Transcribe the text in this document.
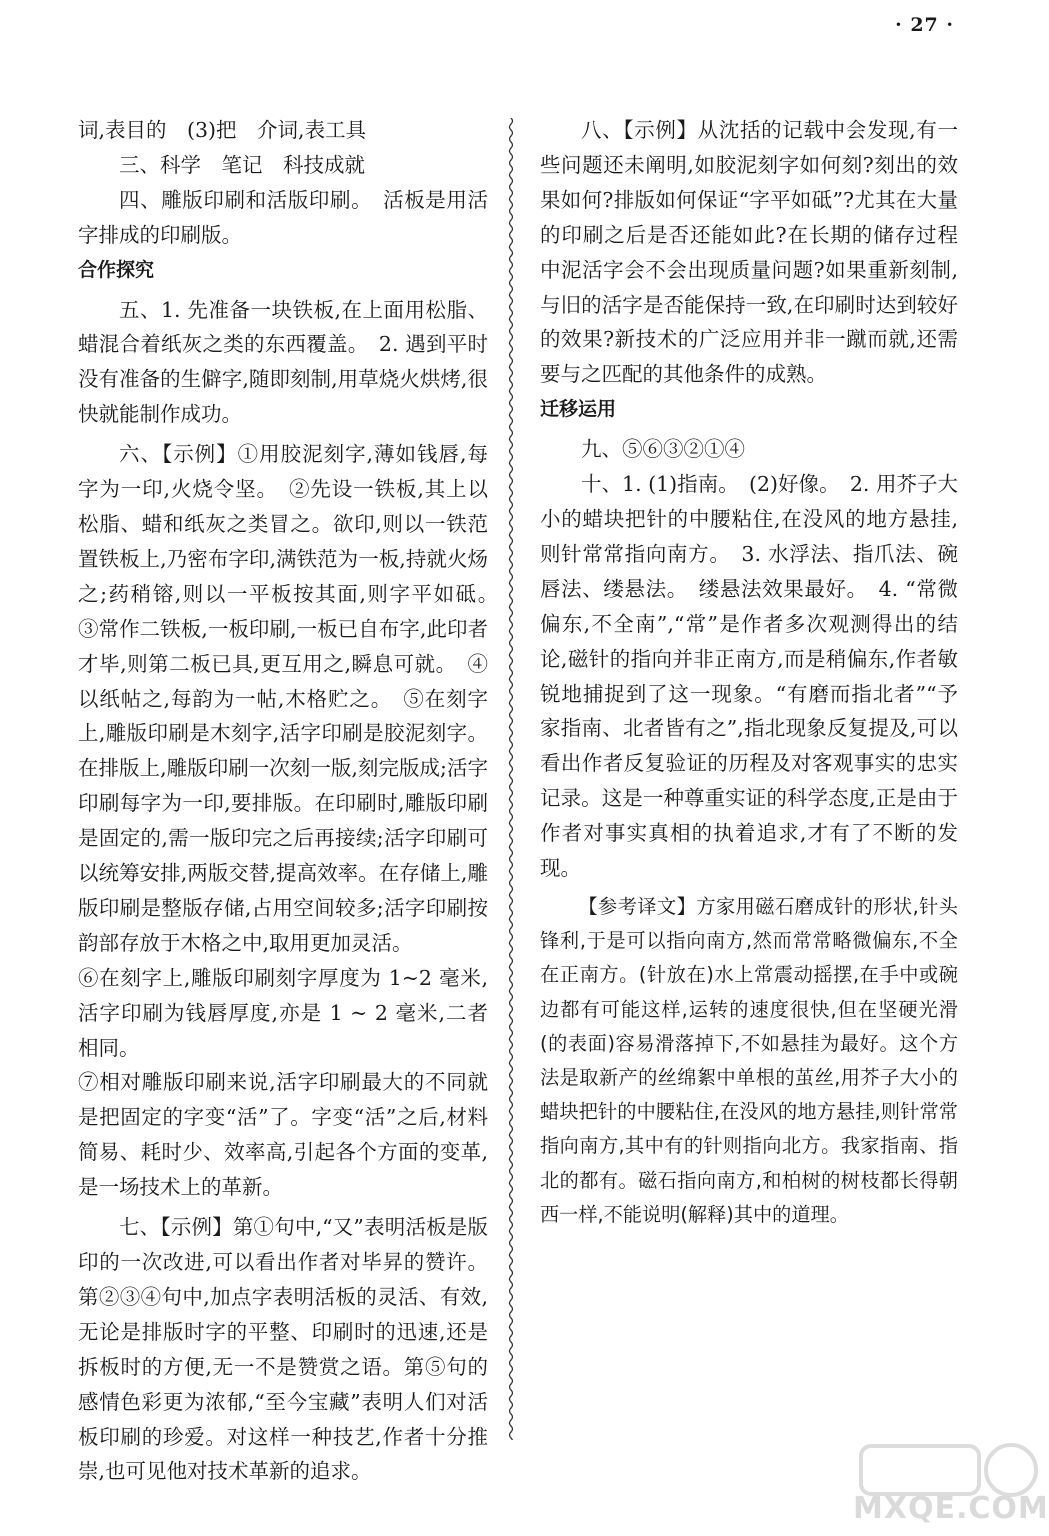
· 27 ·

词,表目的　(3)把　介词,表工具

三、科学　笔记　科技成就

四、雕版印刷和活版印刷。　活板是用活字排成的印刷版。

合作探究

五、1. 先准备一块铁板,在上面用松脂、蜡混合着纸灰之类的东西覆盖。　2. 遇到平时没有准备的生僻字,随即刻制,用草烧火烘烤,很快就能制作成功。

六、【示例】①用胶泥刻字,薄如钱唇,每字为一印,火烧令坚。　②先设一铁板,其上以松脂、蜡和纸灰之类冒之。欲印,则以一铁范置铁板上,乃密布字印,满铁范为一板,持就火炀之;药稍镕,则以一平板按其面,则字平如砥。　③常作二铁板,一板印刷,一板已自布字,此印者才毕,则第二板已具,更互用之,瞬息可就。　④以纸帖之,每韵为一帖,木格贮之。　⑤在刻字上,雕版印刷是木刻字,活字印刷是胶泥刻字。在排版上,雕版印刷一次刻一版,刻完版成;活字印刷每字为一印,要排版。在印刷时,雕版印刷是固定的,需一版印完之后再接续;活字印刷可以统筹安排,两版交替,提高效率。在存储上,雕版印刷是整版存储,占用空间较多;活字印刷按韵部存放于木格之中,取用更加灵活。

⑥在刻字上,雕版印刷刻字厚度为 1~2 毫米,活字印刷为钱唇厚度,亦是 1 ~ 2 毫米,二者相同。

⑦相对雕版印刷来说,活字印刷最大的不同就是把固定的字变“活”了。字变“活”之后,材料简易、耗时少、效率高,引起各个方面的变革,是一场技术上的革新。

七、【示例】第①句中,“又”表明活板是版印的一次改进,可以看出作者对毕昇的赞许。第②③④句中,加点字表明活板的灵活、有效,无论是排版时字的平整、印刷时的迅速,还是拆板时的方便,无一不是赞赏之语。第⑤句的感情色彩更为浓郁,“至今宝藏”表明人们对活板印刷的珍爱。对这样一种技艺,作者十分推崇,也可见他对技术革新的追求。

八、【示例】从沈括的记载中会发现,有一些问题还未阐明,如胶泥刻字如何刻?刻出的效果如何?排版如何保证“字平如砥”?尤其在大量的印刷之后是否还能如此?在长期的储存过程中泥活字会不会出现质量问题?如果重新刻制,与旧的活字是否能保持一致,在印刷时达到较好的效果?新技术的广泛应用并非一蹴而就,还需要与之匹配的其他条件的成熟。

迁移运用

九、⑤⑥③②①④

十、1. (1)指南。　(2)好像。　2. 用芥子大小的蜡块把针的中腰粘住,在没风的地方悬挂,则针常常指向南方。　3. 水浮法、指爪法、碗唇法、缕悬法。　缕悬法效果最好。　4. “常微偏东,不全南”,“常”是作者多次观测得出的结论,磁针的指向并非正南方,而是稍偏东,作者敏锐地捕捉到了这一现象。“有磨而指北者”“予家指南、北者皆有之”,指北现象反复提及,可以看出作者反复验证的历程及对客观事实的忠实记录。这是一种尊重实证的科学态度,正是由于作者对事实真相的执着追求,才有了不断的发现。

【参考译文】方家用磁石磨成针的形状,针头锋利,于是可以指向南方,然而常常略微偏东,不全在正南方。(针放在)水上常震动摇摆,在手中或碗边都有可能这样,运转的速度很快,但在坚硬光滑(的表面)容易滑落掉下,不如悬挂为最好。这个方法是取新产的丝绵絮中单根的茧丝,用芥子大小的蜡块把针的中腰粘住,在没风的地方悬挂,则针常常指向南方,其中有的针则指向北方。我家指南、指北的都有。磁石指向南方,和柏树的树枝都长得朝西一样,不能说明(解释)其中的道理。

MXQE.COM
